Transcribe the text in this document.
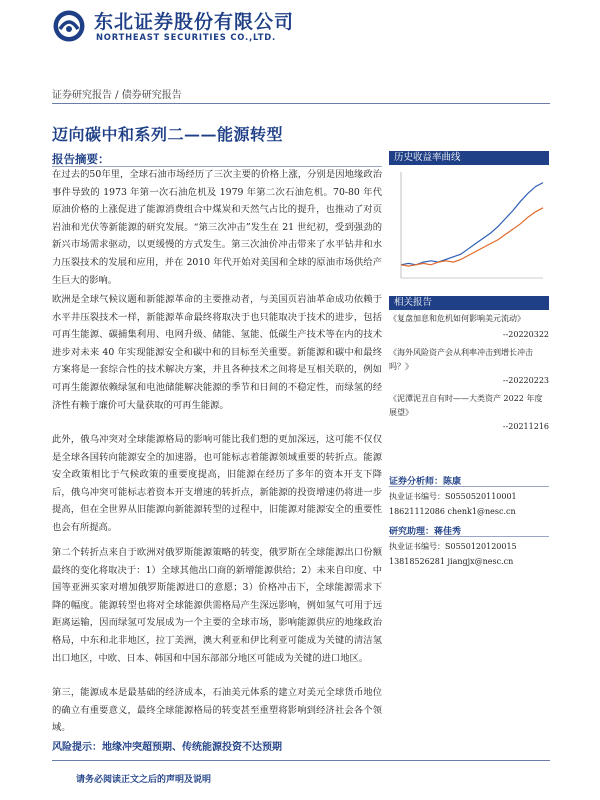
东北证券股份有限公司
NORTHEAST SECURITIES CO.,LTD.
证券研究报告 / 债券研究报告
迈向碳中和系列二——能源转型
报告摘要：
在过去的50年里，全球石油市场经历了三次主要的价格上涨，分别是因地缘政治事件导致的 1973 年第一次石油危机及 1979 年第二次石油危机。70-80 年代原油价格的上涨促进了能源消费组合中煤炭和天然气占比的提升，也推动了对页岩油和光伏等新能源的研究发展。“第三次冲击”发生在 21 世纪初，受到强劲的新兴市场需求驱动，以更缓慢的方式发生。第三次油价冲击带来了水平钻井和水力压裂技术的发展和应用，并在 2010 年代开始对美国和全球的原油市场供给产生巨大的影响。
欧洲是全球气候议题和新能源革命的主要推动者，与美国页岩油革命成功依赖于水平井压裂技术一样，新能源革命最终将取决于也只能取决于技术的进步，包括可再生能源、碳捕集利用、电网升级、储能、氢能、低碳生产技术等在内的技术进步对未来 40 年实现能源安全和碳中和的目标至关重要。新能源和碳中和最终方案将是一套综合性的技术解决方案，并且各种技术之间将是互相关联的，例如可再生能源依赖绿氢和电池储能解决能源的季节和日间的不稳定性，而绿氢的经济性有赖于廉价可大量获取的可再生能源。
此外，俄乌冲突对全球能源格局的影响可能比我们想的更加深远，这可能不仅仅是全球各国转向能源安全的加速器，也可能标志着能源领域重要的转折点。能源安全政策相比于气候政策的重要度提高，旧能源在经历了多年的资本开支下降后，俄乌冲突可能标志着资本开支增速的转折点，新能源的投资增速仍将进一步提高，但在全世界从旧能源向新能源转型的过程中，旧能源对能源安全的重要性也会有所提高。
第二个转折点来自于欧洲对俄罗斯能源策略的转变，俄罗斯在全球能源出口份额最终的变化将取决于：1）全球其他出口商的新增能源供给；2）未来自印度、中国等亚洲买家对增加俄罗斯能源进口的意愿；3）价格冲击下，全球能源需求下降的幅度。能源转型也将对全球能源供需格局产生深远影响，例如氢气可用于远距离运输，因而绿氢可发展成为一个主要的全球市场，影响能源供应的地缘政治格局，中东和北非地区，拉丁美洲，澳大利亚和伊比利亚可能成为关键的清洁氢出口地区，中欧、日本、韩国和中国东部部分地区可能成为关键的进口地区。
第三，能源成本是最基础的经济成本，石油美元体系的建立对美元全球货币地位的确立有重要意义，最终全球能源格局的转变甚至重塑将影响到经济社会各个领域。
风险提示：地缘冲突超预期、传统能源投资不达预期
请务必阅读正文之后的声明及说明
历史收益率曲线
相关报告
《复盘加息和危机如何影响美元流动》
--20220322
《海外风险资产会从利率冲击到增长冲击吗？》
--20220223
《泥潭泥丑自有时——大类资产 2022 年度展望》
--20211216
证券分析师：陈康
执业证书编号：S0550520110001
18621112086 chenk1@nesc.cn
研究助理：蒋佳秀
执业证书编号：S0550120120015
13818526281 jiangjx@nesc.cn
